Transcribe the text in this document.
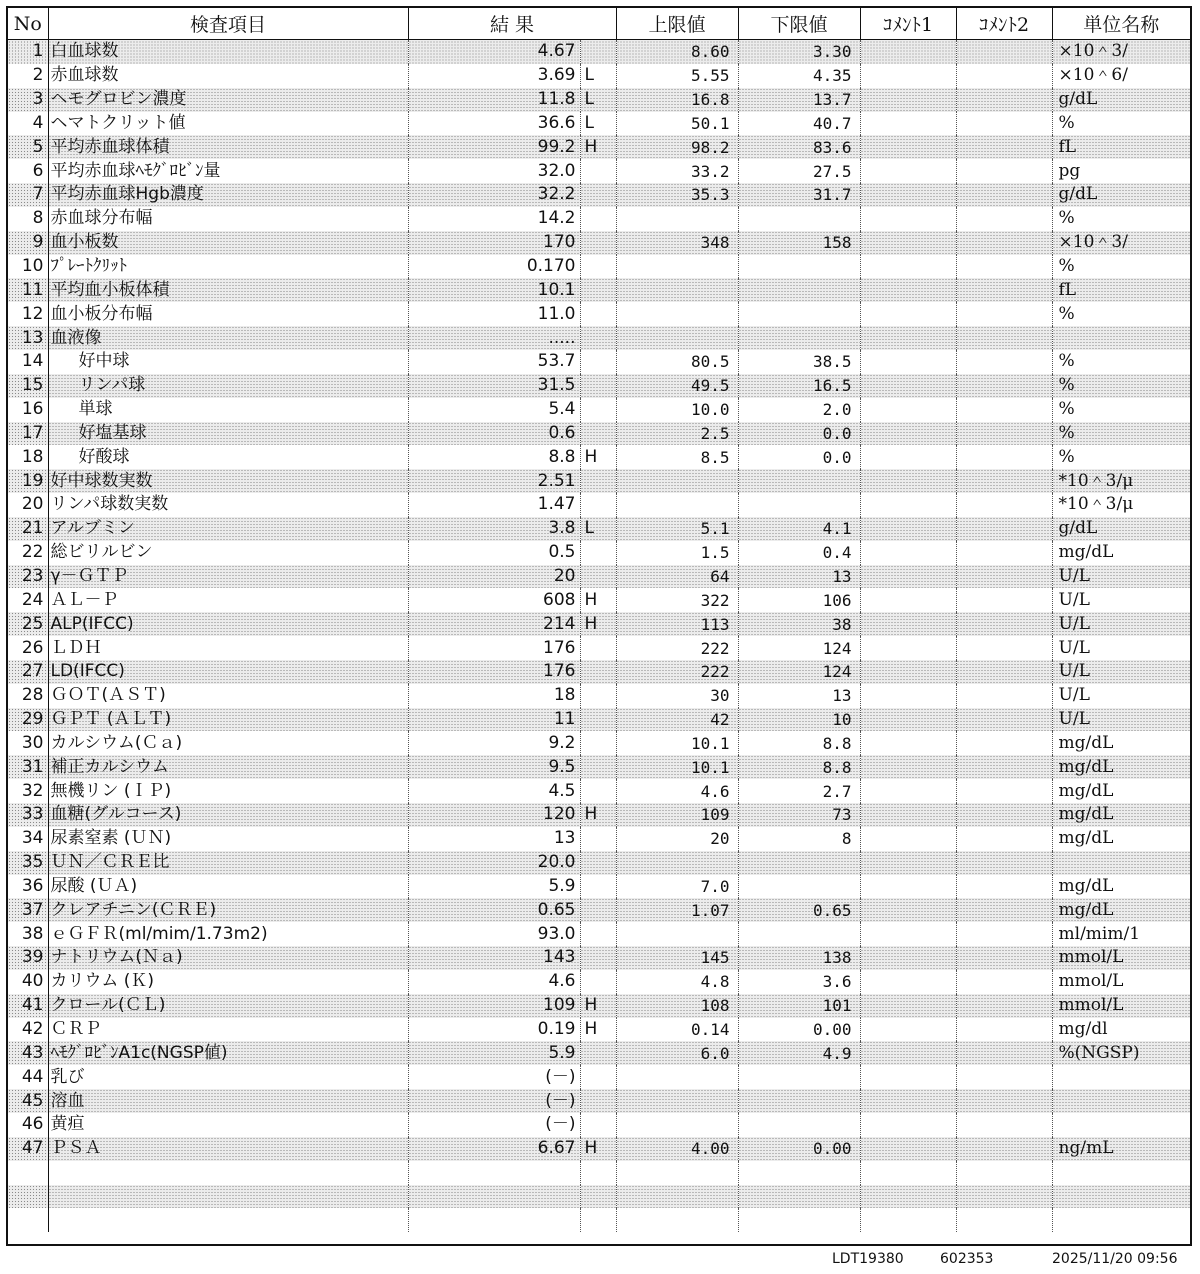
No	検査項目	結 果		上限値	下限値	ｺﾒﾝﾄ1	ｺﾒﾝﾄ2	単位名称
1	白血球数	4.67		8.60	3.30			×10＾3/
2	赤血球数	3.69	L	5.55	4.35			×10＾6/
3	ヘモグロビン濃度	11.8	L	16.8	13.7			g/dL
4	ヘマトクリット値	36.6	L	50.1	40.7			%
5	平均赤血球体積	99.2	H	98.2	83.6			fL
6	平均赤血球ﾍﾓｸﾞﾛﾋﾞﾝ量	32.0		33.2	27.5			pg
7	平均赤血球Hgb濃度	32.2		35.3	31.7			g/dL
8	赤血球分布幅	14.2						%
9	血小板数	170		348	158			×10＾3/
10	ﾌﾟﾚｰﾄｸﾘｯﾄ	0.170						%
11	平均血小板体積	10.1						fL
12	血小板分布幅	11.0						%
13	血液像	.....						
14	好中球	53.7		80.5	38.5			%
15	リンパ球	31.5		49.5	16.5			%
16	単球	5.4		10.0	2.0			%
17	好塩基球	0.6		2.5	0.0			%
18	好酸球	8.8	H	8.5	0.0			%
19	好中球数実数	2.51						*10＾3/μ
20	リンパ球数実数	1.47						*10＾3/μ
21	アルブミン	3.8	L	5.1	4.1			g/dL
22	総ビリルビン	0.5		1.5	0.4			mg/dL
23	γ－ＧＴＰ	20		64	13			U/L
24	ＡＬ－Ｐ	608	H	322	106			U/L
25	ALP(IFCC)	214	H	113	38			U/L
26	ＬＤＨ	176		222	124			U/L
27	LD(IFCC)	176		222	124			U/L
28	ＧＯＴ(ＡＳＴ)	18		30	13			U/L
29	ＧＰＴ (ＡＬＴ)	11		42	10			U/L
30	カルシウム(Ｃａ)	9.2		10.1	8.8			mg/dL
31	補正カルシウム	9.5		10.1	8.8			mg/dL
32	無機リン (ＩＰ)	4.5		4.6	2.7			mg/dL
33	血糖(グルコース)	120	H	109	73			mg/dL
34	尿素窒素 (ＵＮ)	13		20	8			mg/dL
35	ＵＮ／ＣＲＥ比	20.0						
36	尿酸 (ＵＡ)	5.9		7.0				mg/dL
37	クレアチニン(ＣＲＥ)	0.65		1.07	0.65			mg/dL
38	ｅＧＦＲ(ml/mim/1.73m2)	93.0						ml/mim/1
39	ナトリウム(Ｎａ)	143		145	138			mmol/L
40	カリウム (Ｋ)	4.6		4.8	3.6			mmol/L
41	クロール(ＣＬ)	109	H	108	101			mmol/L
42	ＣＲＰ	0.19	H	0.14	0.00			mg/dl
43	ﾍﾓｸﾞﾛﾋﾞﾝA1c(NGSP値)	5.9		6.0	4.9			%(NGSP)
44	乳び	(－)						
45	溶血	(－)						
46	黄疸	(－)						
47	ＰＳＡ	6.67	H	4.00	0.00			ng/mL

LDT19380	602353	2025/11/20 09:56
